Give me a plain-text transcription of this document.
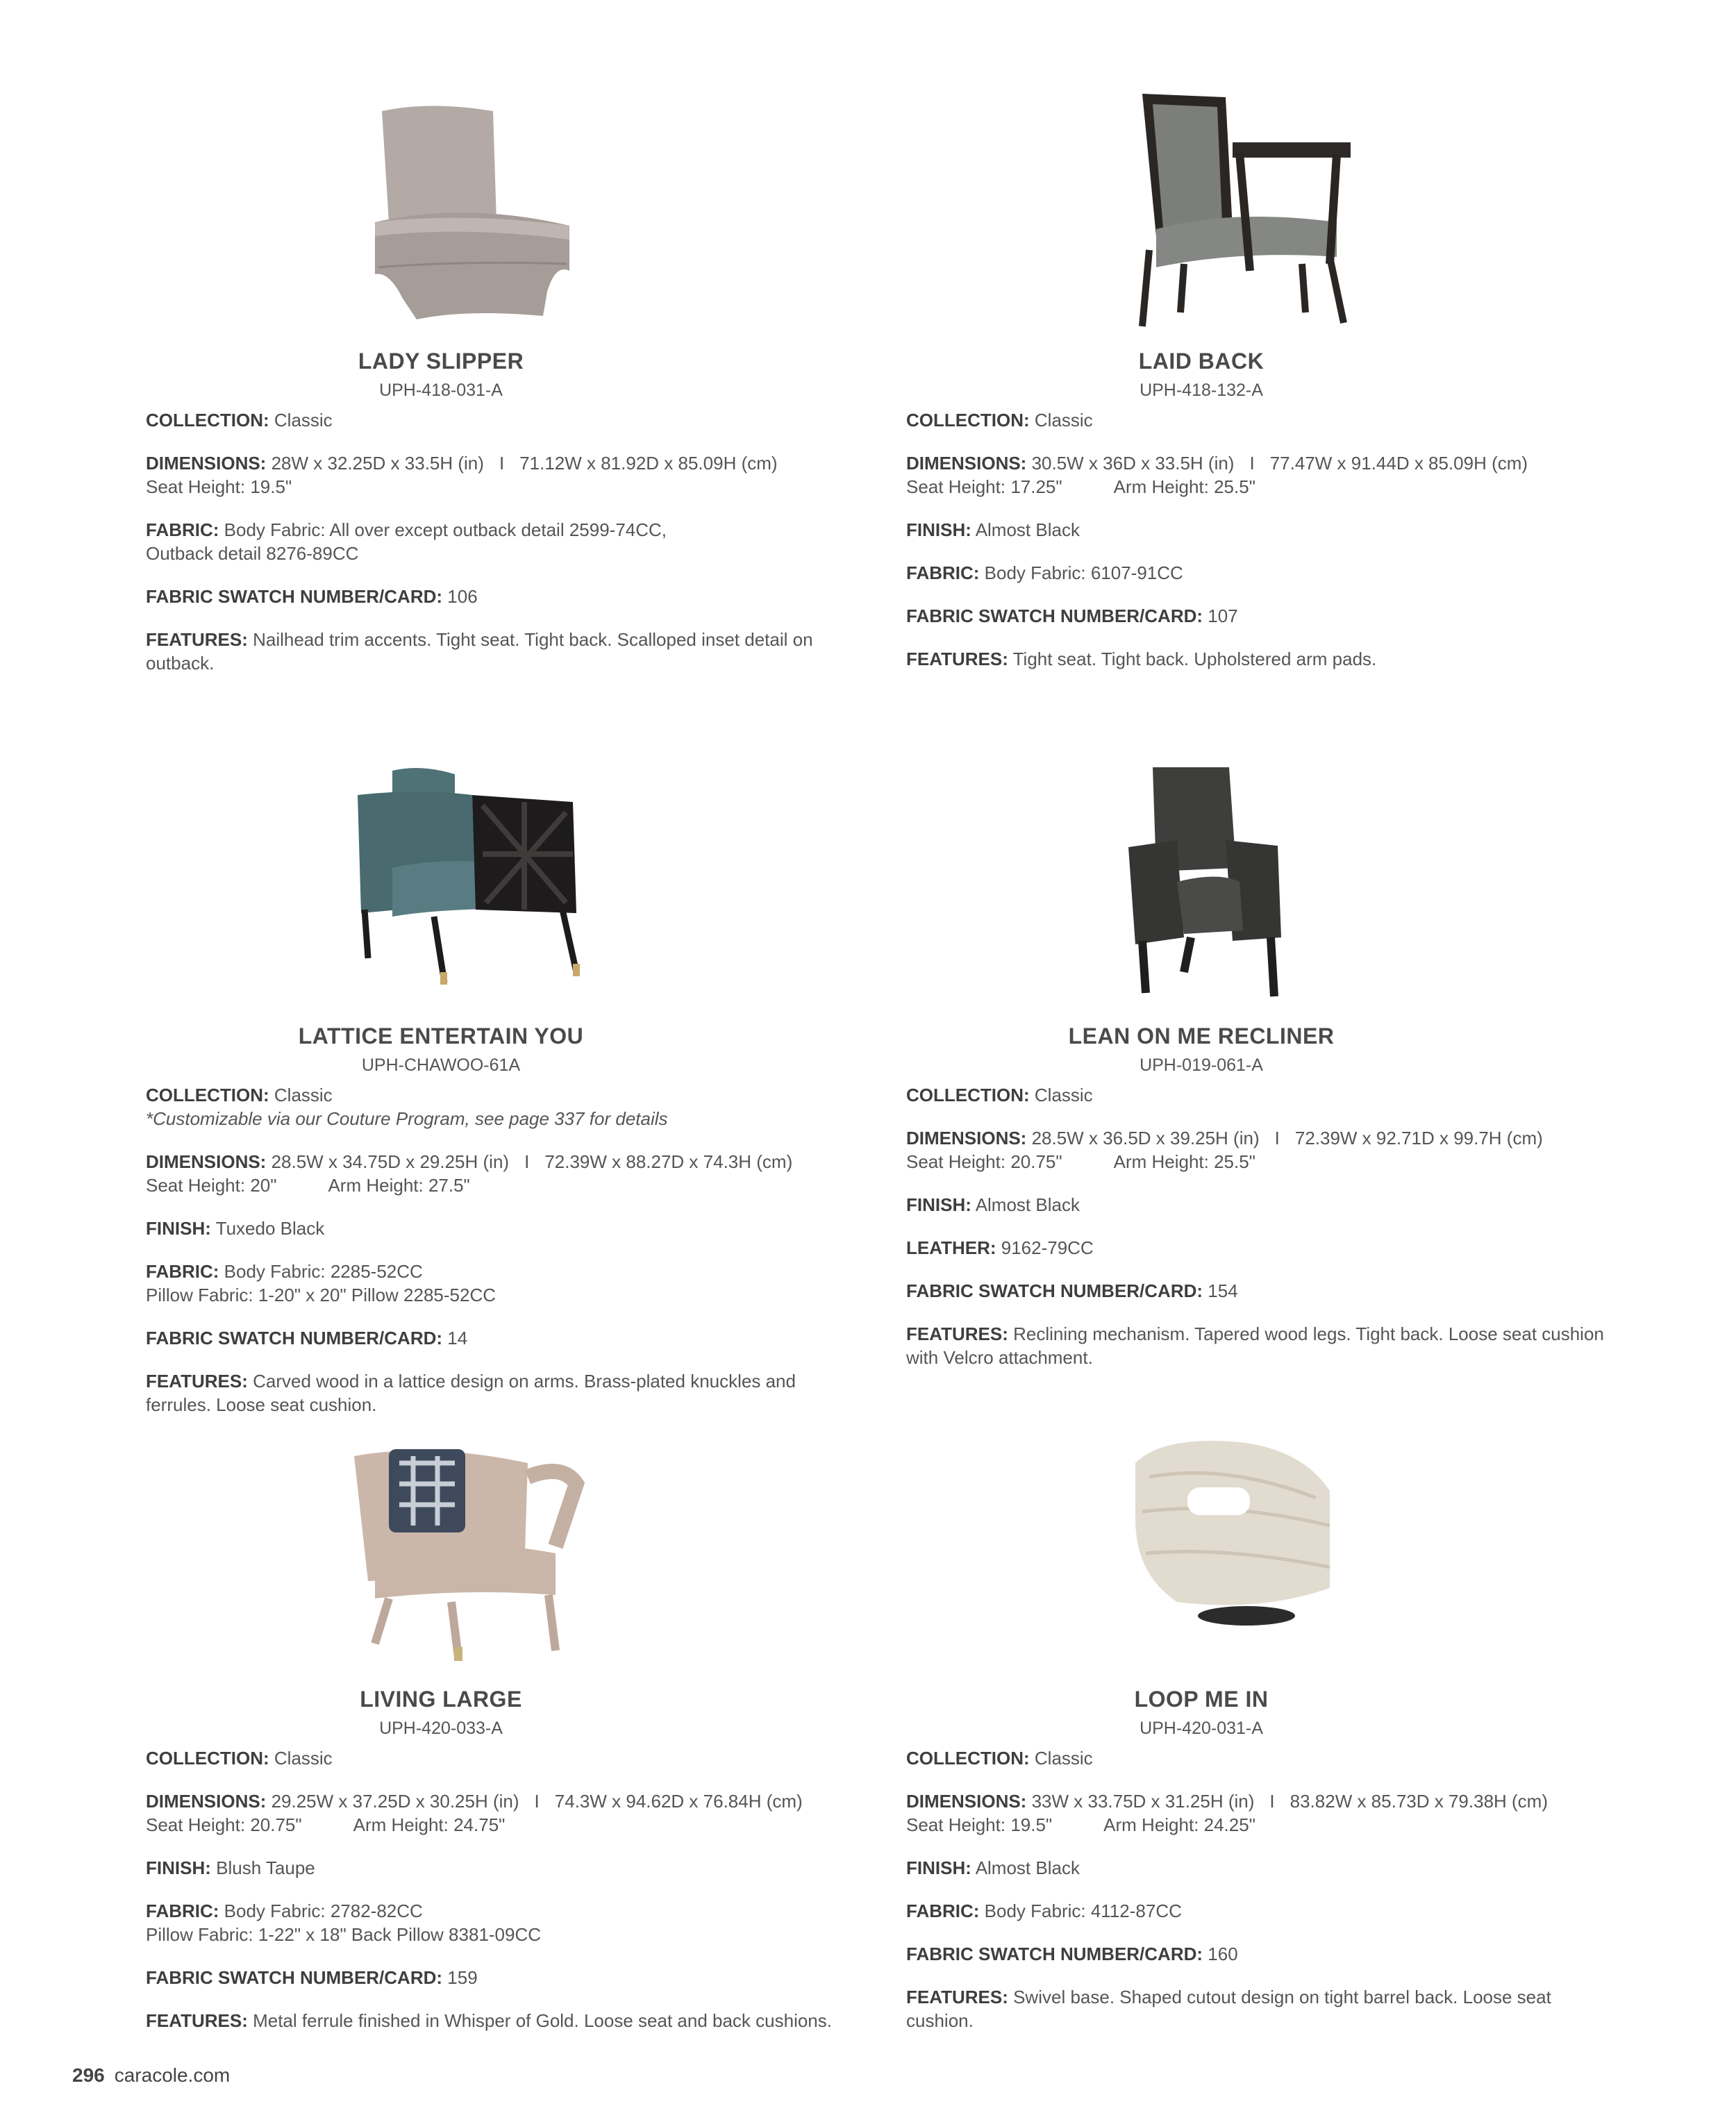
LADY SLIPPER
UPH-418-031-A
COLLECTION: Classic
DIMENSIONS: 28W x 32.25D x 33.5H (in) I 71.12W x 81.92D x 85.09H (cm)
Seat Height: 19.5"
FABRIC: Body Fabric: All over except outback detail 2599-74CC,
Outback detail 8276-89CC
FABRIC SWATCH NUMBER/CARD: 106
FEATURES: Nailhead trim accents. Tight seat. Tight back. Scalloped inset detail on outback.
LAID BACK
UPH-418-132-A
COLLECTION: Classic
DIMENSIONS: 30.5W x 36D x 33.5H (in) I 77.47W x 91.44D x 85.09H (cm)
Seat Height: 17.25"	Arm Height: 25.5"
FINISH: Almost Black
FABRIC: Body Fabric: 6107-91CC
FABRIC SWATCH NUMBER/CARD: 107
FEATURES: Tight seat. Tight back. Upholstered arm pads.
LATTICE ENTERTAIN YOU
UPH-CHAWOO-61A
COLLECTION: Classic
*Customizable via our Couture Program, see page 337 for details
DIMENSIONS: 28.5W x 34.75D x 29.25H (in) I 72.39W x 88.27D x 74.3H (cm)
Seat Height: 20"	Arm Height: 27.5"
FINISH: Tuxedo Black
FABRIC: Body Fabric: 2285-52CC
Pillow Fabric: 1-20" x 20" Pillow 2285-52CC
FABRIC SWATCH NUMBER/CARD: 14
FEATURES: Carved wood in a lattice design on arms. Brass-plated knuckles and ferrules. Loose seat cushion.
LEAN ON ME RECLINER
UPH-019-061-A
COLLECTION: Classic
DIMENSIONS: 28.5W x 36.5D x 39.25H (in) I 72.39W x 92.71D x 99.7H (cm)
Seat Height: 20.75"	Arm Height: 25.5"
FINISH: Almost Black
LEATHER: 9162-79CC
FABRIC SWATCH NUMBER/CARD: 154
FEATURES: Reclining mechanism. Tapered wood legs. Tight back. Loose seat cushion with Velcro attachment.
LIVING LARGE
UPH-420-033-A
COLLECTION: Classic
DIMENSIONS: 29.25W x 37.25D x 30.25H (in) I 74.3W x 94.62D x 76.84H (cm)
Seat Height: 20.75"	Arm Height: 24.75"
FINISH: Blush Taupe
FABRIC: Body Fabric: 2782-82CC
Pillow Fabric: 1-22" x 18" Back Pillow 8381-09CC
FABRIC SWATCH NUMBER/CARD: 159
FEATURES: Metal ferrule finished in Whisper of Gold. Loose seat and back cushions.
LOOP ME IN
UPH-420-031-A
COLLECTION: Classic
DIMENSIONS: 33W x 33.75D x 31.25H (in) I 83.82W x 85.73D x 79.38H (cm)
Seat Height: 19.5"	Arm Height: 24.25"
FINISH: Almost Black
FABRIC: Body Fabric: 4112-87CC
FABRIC SWATCH NUMBER/CARD: 160
FEATURES: Swivel base. Shaped cutout design on tight barrel back. Loose seat cushion.
296 caracole.com
